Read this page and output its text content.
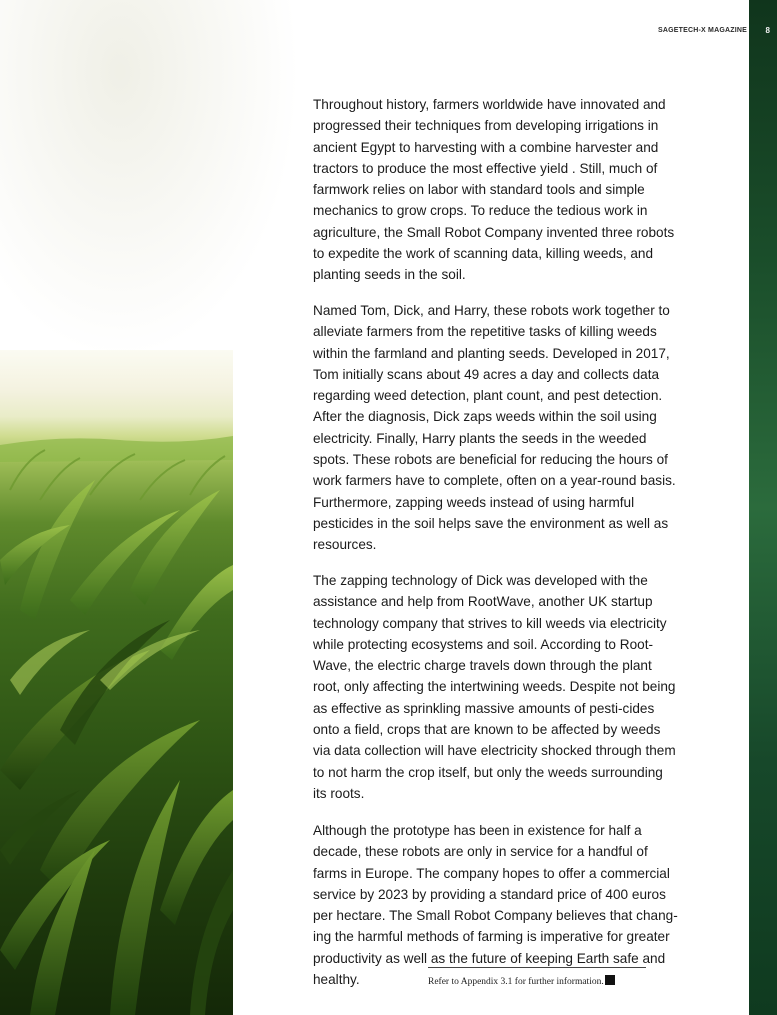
SAGETECH-X MAGAZINE 8

Throughout history, farmers worldwide have innovated and progressed their techniques from developing irrigations in ancient Egypt to harvesting with a combine harvester and tractors to produce the most effective yield . Still, much of farmwork relies on labor with standard tools and simple mechanics to grow crops. To reduce the tedious work in agriculture, the Small Robot Company invented three robots to expedite the work of scanning data, killing weeds, and planting seeds in the soil.

Named Tom, Dick, and Harry, these robots work together to alleviate farmers from the repetitive tasks of killing weeds within the farmland and planting seeds. Developed in 2017, Tom initially scans about 49 acres a day and collects data regarding weed detection, plant count, and pest detection. After the diagnosis, Dick zaps weeds within the soil using electricity. Finally, Harry plants the seeds in the weeded spots. These robots are beneficial for reducing the hours of work farmers have to complete, often on a year-round basis. Furthermore, zapping weeds instead of using harmful pesticides in the soil helps save the environment as well as resources.

The zapping technology of Dick was developed with the assistance and help from RootWave, another UK startup technology company that strives to kill weeds via electricity while protecting ecosystems and soil. According to Root-Wave, the electric charge travels down through the plant root, only affecting the intertwining weeds. Despite not being as effective as sprinkling massive amounts of pesti-cides onto a field, crops that are known to be affected by weeds via data collection will have electricity shocked through them to not harm the crop itself, but only the weeds surrounding its roots.

Although the prototype has been in existence for half a decade, these robots are only in service for a handful of farms in Europe. The company hopes to offer a commercial service by 2023 by providing a standard price of 400 euros per hectare. The Small Robot Company believes that chang-ing the harmful methods of farming is imperative for greater productivity as well as the future of keeping Earth safe and healthy.	Refer to Appendix 3.1 for further information.
